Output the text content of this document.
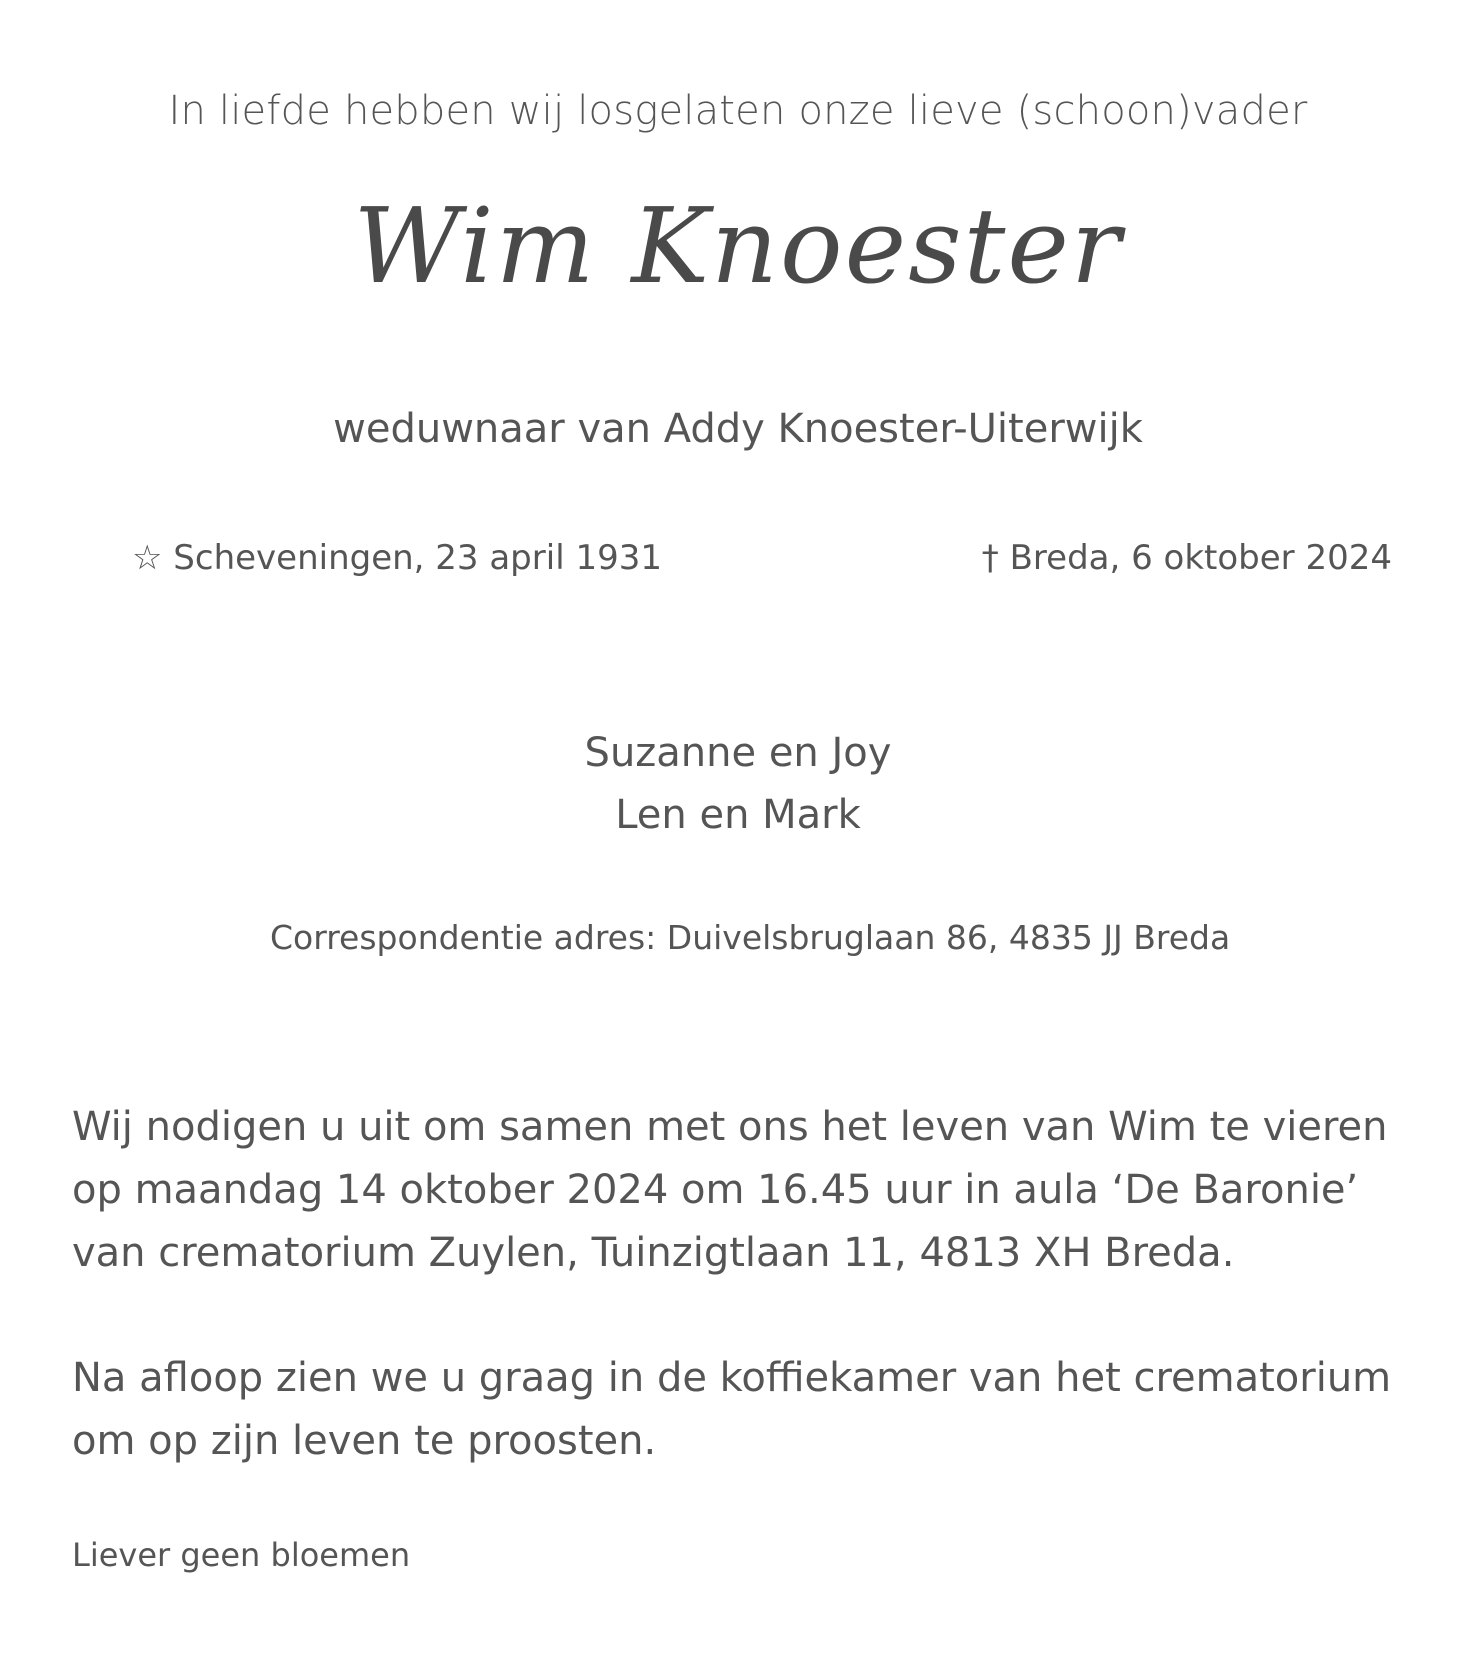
In liefde hebben wij losgelaten onze lieve (schoon)vader

Wim Knoester

weduwnaar van Addy Knoester-Uiterwijk

☆ Scheveningen, 23 april 1931	† Breda, 6 oktober 2024

Suzanne en Joy
Len en Mark

Correspondentie adres: Duivelsbruglaan 86, 4835 JJ Breda

Wij nodigen u uit om samen met ons het leven van Wim te vieren
op maandag 14 oktober 2024 om 16.45 uur in aula ‘De Baronie’
van crematorium Zuylen, Tuinzigtlaan 11, 4813 XH Breda.
Na afloop zien we u graag in de koffiekamer van het crematorium
om op zijn leven te proosten.

Liever geen bloemen
